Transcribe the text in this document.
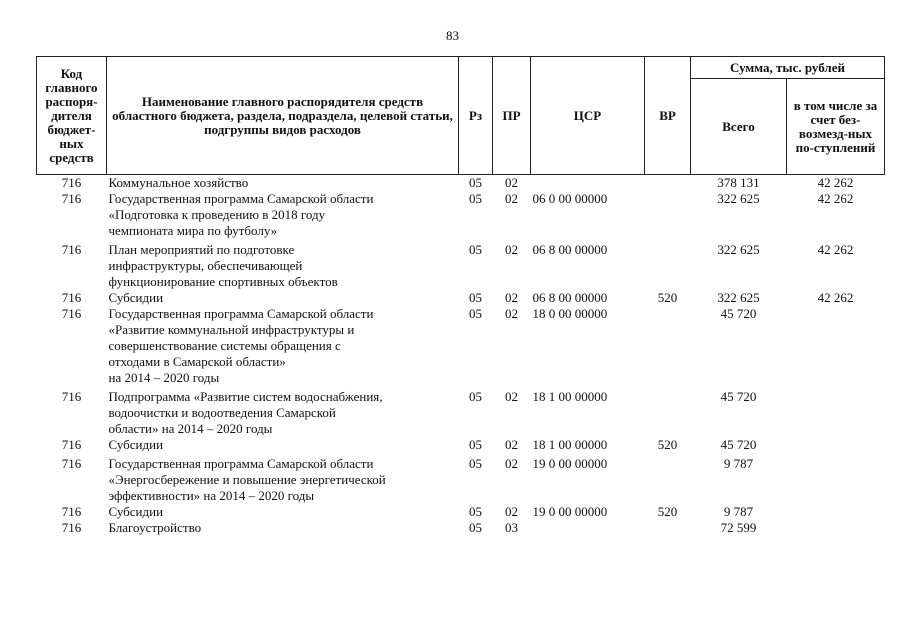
83
Код главного распоря-дителя бюджет-ных средств	Наименование главного распорядителя средств областного бюджета, раздела, подраздела, целевой статьи, подгруппы видов расходов	Рз	ПР	ЦСР	ВР	Сумма, тыс. рублей	
						Всего	в том числе за счет без-возмезд-ных по-ступлений
716	Коммунальное хозяйство	05	02			378 131	42 262
716	Государственная программа Самарской области
«Подготовка к проведению в 2018 году
чемпионата мира по футболу»	05	02	06 0 00 00000		322 625	42 262

716	План мероприятий по подготовке
инфраструктуры, обеспечивающей
функционирование спортивных объектов	05	02	06 8 00 00000		322 625	42 262
716	Субсидии	05	02	06 8 00 00000	520	322 625	42 262
716	Государственная программа Самарской области
«Развитие коммунальной инфраструктуры и
совершенствование системы обращения с
отходами в Самарской области»
на 2014 – 2020 годы	05	02	18 0 00 00000		45 720	

716	Подпрограмма «Развитие систем водоснабжения,
водоочистки и водоотведения Самарской
области» на 2014 – 2020 годы	05	02	18 1 00 00000		45 720	
716	Субсидии	05	02	18 1 00 00000	520	45 720	

716	Государственная программа Самарской области
«Энергосбережение и повышение энергетической
эффективности» на 2014 – 2020 годы	05	02	19 0 00 00000		9 787	
716	Субсидии	05	02	19 0 00 00000	520	9 787	
716	Благоустройство	05	03			72 599	
